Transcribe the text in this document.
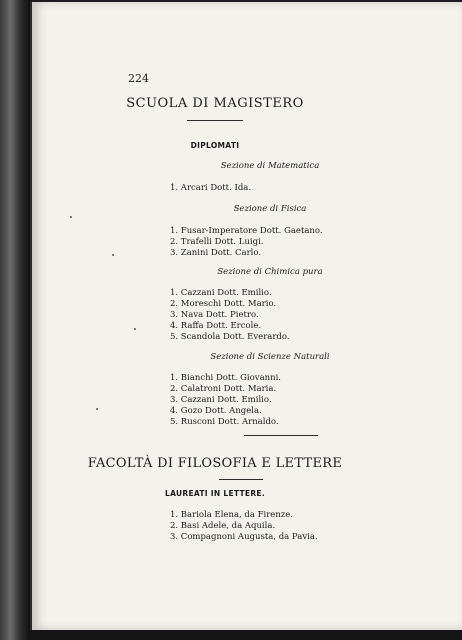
224
SCUOLA DI MAGISTERO
DIPLOMATI
Sezione di Matematica
1. Arcari Dott. Ida.
Sezione di Fisica
1. Fusar-Imperatore Dott. Gaetano.
2. Trafelli Dott. Luigi.
3. Zanini Dott. Carlo.
Sezione di Chimica pura
1. Cazzani Dott. Emilio.
2. Moreschi Dott. Mario.
3. Nava Dott. Pietro.
4. Raffa Dott. Ercole.
5. Scandola Dott. Everardo.
Sezione di Scienze Naturali
1. Bianchi Dott. Giovanni.
2. Calatroni Dott. Maria.
3. Cazzani Dott. Emilio.
4. Gozo Dott. Angela.
5. Rusconi Dott. Arnaldo.
FACOLTÀ DI FILOSOFIA E LETTERE
LAUREATI IN LETTERE.
1. Bariola Elena, da Firenze.
2. Basi Adele, da Aquila.
3. Compagnoni Augusta, da Pavia.
